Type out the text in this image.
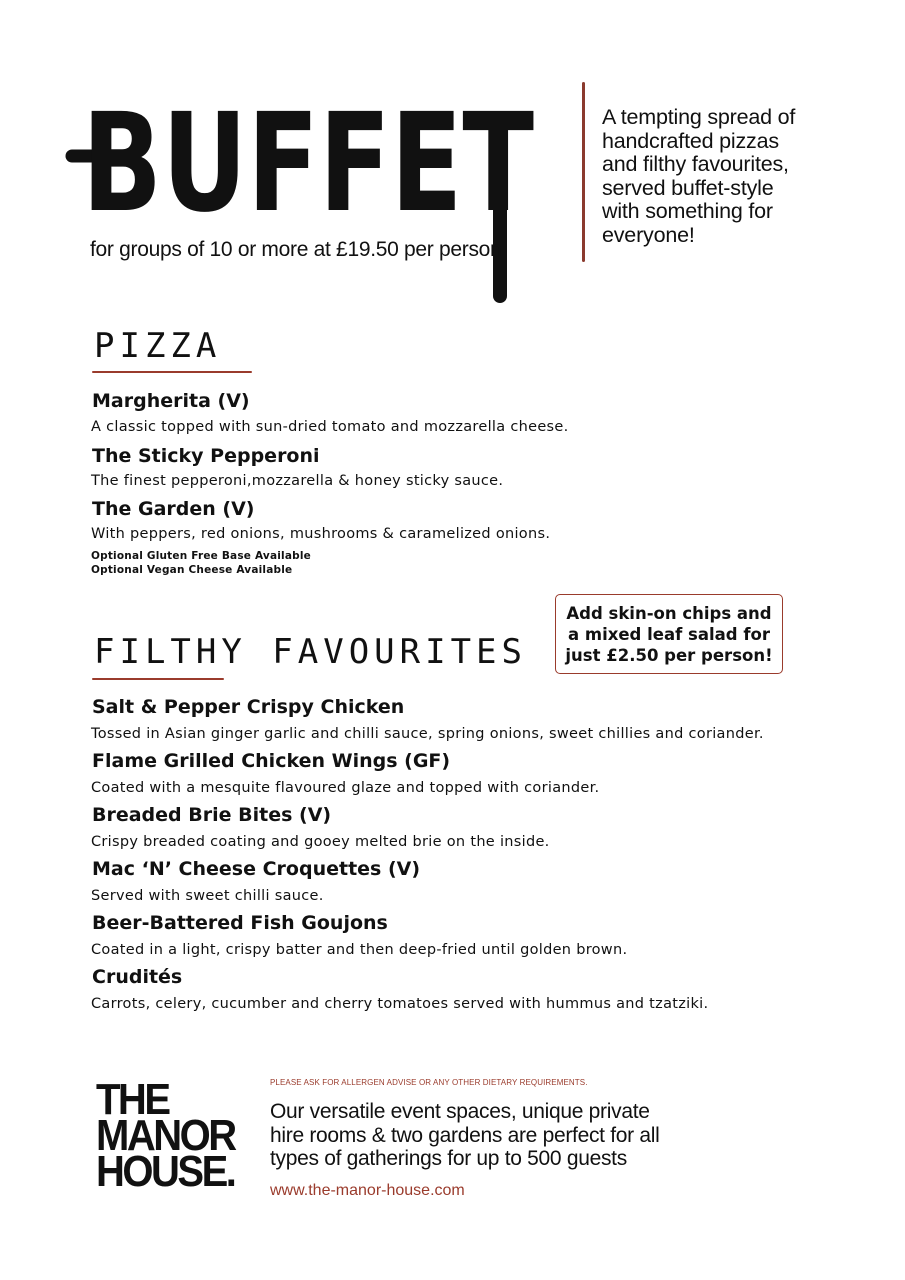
BUFFET
for groups of 10 or more at £19.50 per person
A tempting spread of
handcrafted pizzas
and filthy favourites,
served buffet-style
with something for
everyone!
PIZZA
Margherita (V)
A classic topped with sun-dried tomato and mozzarella cheese.
The Sticky Pepperoni
The finest pepperoni,mozzarella & honey sticky sauce.
The Garden (V)
With peppers, red onions, mushrooms & caramelized onions.
Optional Gluten Free Base Available
Optional Vegan Cheese Available
Add skin-on chips and
a mixed leaf salad for
just £2.50 per person!
FILTHY FAVOURITES
Salt & Pepper Crispy Chicken
Tossed in Asian ginger garlic and chilli sauce, spring onions, sweet chillies and coriander.
Flame Grilled Chicken Wings (GF)
Coated with a mesquite flavoured glaze and topped with coriander.
Breaded Brie Bites (V)
Crispy breaded coating and gooey melted brie on the inside.
Mac ‘N’ Cheese Croquettes (V)
Served with sweet chilli sauce.
Beer-Battered Fish Goujons
Coated in a light, crispy batter and then deep-fried until golden brown.
Crudités
Carrots, celery, cucumber and cherry tomatoes served with hummus and tzatziki.
THE
MANOR
HOUSE.
PLEASE ASK FOR ALLERGEN ADVISE OR ANY OTHER DIETARY REQUIREMENTS.
Our versatile event spaces, unique private
hire rooms & two gardens are perfect for all
types of gatherings for up to 500 guests
www.the-manor-house.com
